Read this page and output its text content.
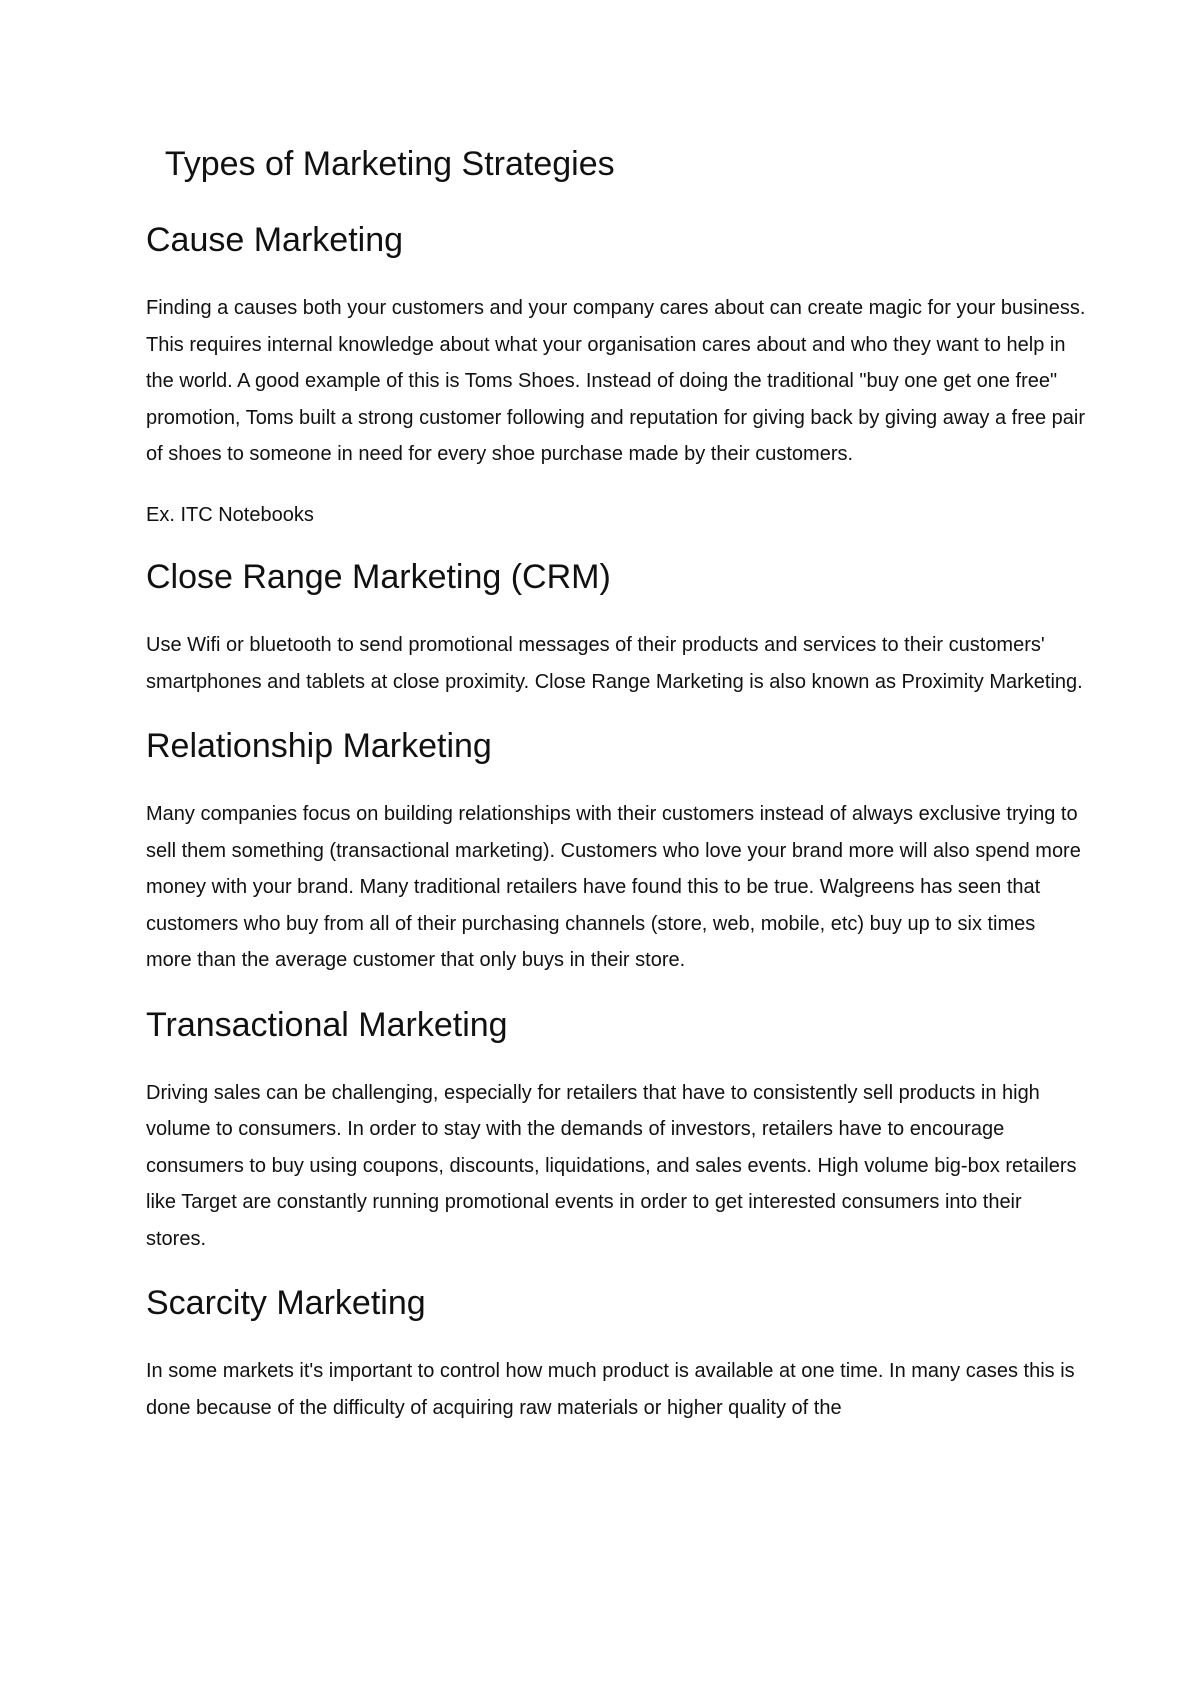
Types of Marketing Strategies
Cause Marketing

Finding a causes both your customers and your company cares about can create magic for your business. This requires internal knowledge about what your organisation cares about and who they want to help in the world. A good example of this is Toms Shoes. Instead of doing the traditional "buy one get one free" promotion, Toms built a strong customer following and reputation for giving back by giving away a free pair of shoes to someone in need for every shoe purchase made by their customers.

Ex. ITC Notebooks

Close Range Marketing (CRM)

Use Wifi or bluetooth to send promotional messages of their products and services to their customers' smartphones and tablets at close proximity. Close Range Marketing is also known as Proximity Marketing.

Relationship Marketing

Many companies focus on building relationships with their customers instead of always exclusive trying to sell them something (transactional marketing). Customers who love your brand more will also spend more money with your brand. Many traditional retailers have found this to be true. Walgreens has seen that customers who buy from all of their purchasing channels (store, web, mobile, etc) buy up to six times more than the average customer that only buys in their store.

Transactional Marketing

Driving sales can be challenging, especially for retailers that have to consistently sell products in high volume to consumers. In order to stay with the demands of investors, retailers have to encourage consumers to buy using coupons, discounts, liquidations, and sales events. High volume big-box retailers like Target are constantly running promotional events in order to get interested consumers into their stores.

Scarcity Marketing

In some markets it's important to control how much product is available at one time. In many cases this is done because of the difficulty of acquiring raw materials or higher quality of the
